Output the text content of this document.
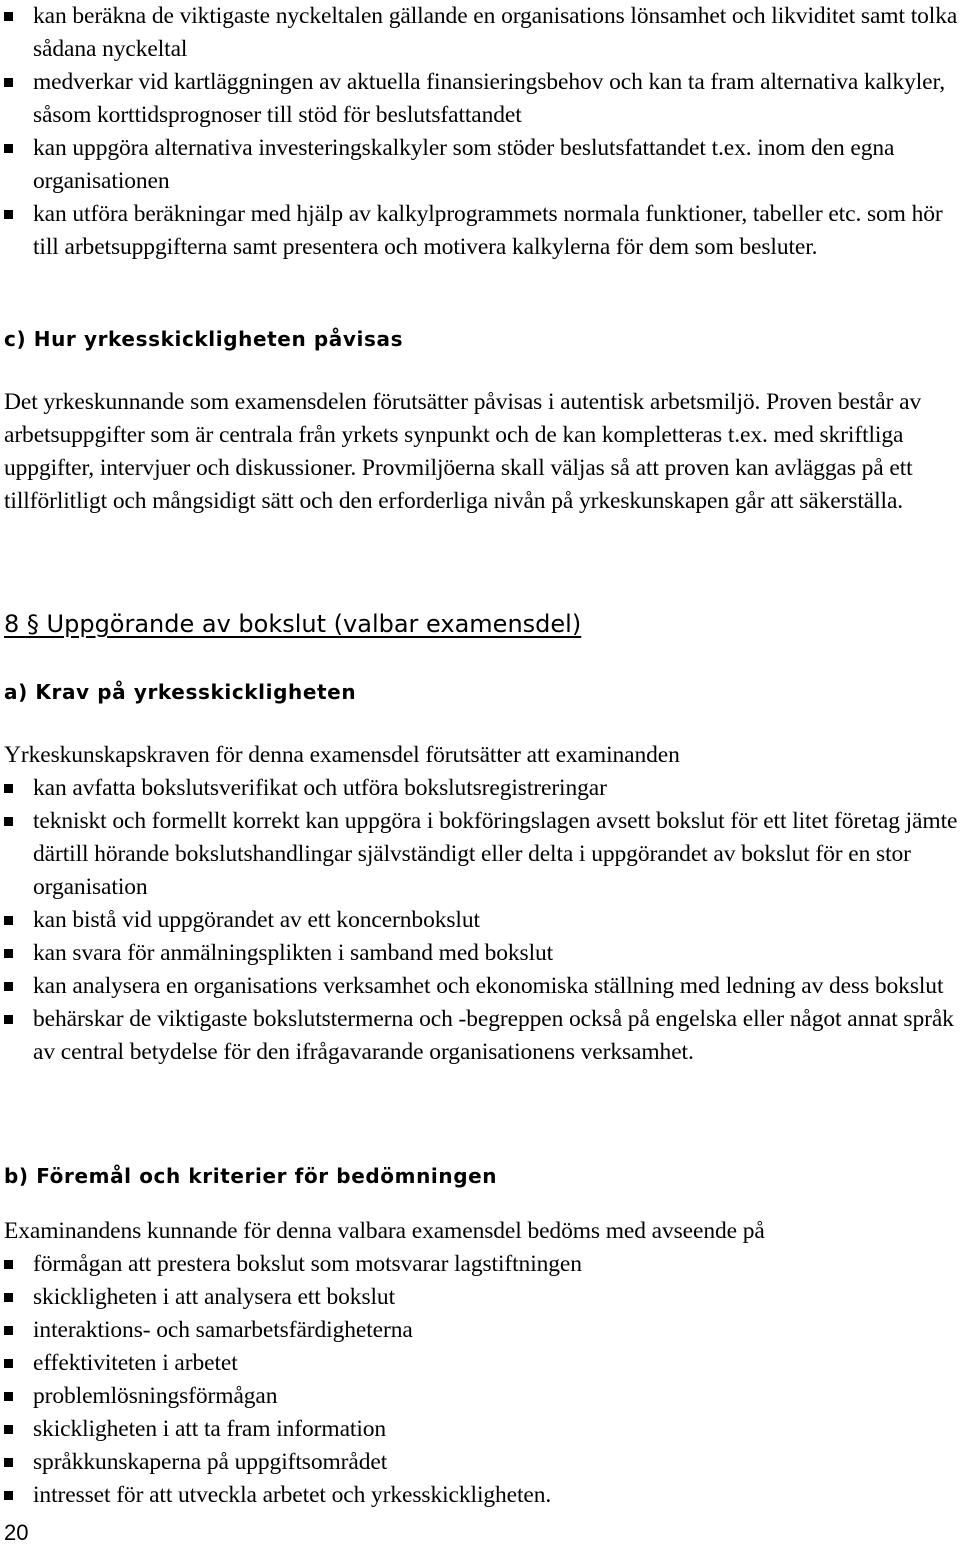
kan beräkna de viktigaste nyckeltalen gällande en organisations lönsamhet och likviditet samt tolka sådana nyckeltal
medverkar vid kartläggningen av aktuella finansieringsbehov och kan ta fram alternativa kalkyler, såsom korttidsprognoser till stöd för beslutsfattandet
kan uppgöra alternativa investeringskalkyler som stöder beslutsfattandet t.ex. inom den egna organisationen
kan utföra beräkningar med hjälp av kalkylprogrammets normala funktioner, tabeller etc. som hör till arbetsuppgifterna samt presentera och motivera kalkylerna för dem som besluter.
c) Hur yrkesskickligheten påvisas

Det yrkeskunnande som examensdelen förutsätter påvisas i autentisk arbetsmiljö. Proven består av arbetsuppgifter som är centrala från yrkets synpunkt och de kan kompletteras t.ex. med skriftliga uppgifter, intervjuer och diskussioner. Provmiljöerna skall väljas så att proven kan avläggas på ett tillförlitligt och mångsidigt sätt och den erforderliga nivån på yrkeskunskapen går att säkerställa.

8 § Uppgörande av bokslut (valbar examensdel)
a) Krav på yrkesskickligheten

Yrkeskunskapskraven för denna examensdel förutsätter att examinanden

kan avfatta bokslutsverifikat och utföra bokslutsregistreringar
tekniskt och formellt korrekt kan uppgöra i bokföringslagen avsett bokslut för ett litet företag jämte därtill hörande bokslutshandlingar självständigt eller delta i uppgörandet av bokslut för en stor organisation
kan bistå vid uppgörandet av ett koncernbokslut
kan svara för anmälningsplikten i samband med bokslut
kan analysera en organisations verksamhet och ekonomiska ställning med ledning av dess bokslut
behärskar de viktigaste bokslutstermerna och -begreppen också på engelska eller något annat språk av central betydelse för den ifrågavarande organisationens verksamhet.
b) Föremål och kriterier för bedömningen

Examinandens kunnande för denna valbara examensdel bedöms med avseende på

förmågan att prestera bokslut som motsvarar lagstiftningen
skickligheten i att analysera ett bokslut
interaktions- och samarbetsfärdigheterna
effektiviteten i arbetet
problemlösningsförmågan
skickligheten i att ta fram information
språkkunskaperna på uppgiftsområdet
intresset för att utveckla arbetet och yrkesskickligheten.
20
